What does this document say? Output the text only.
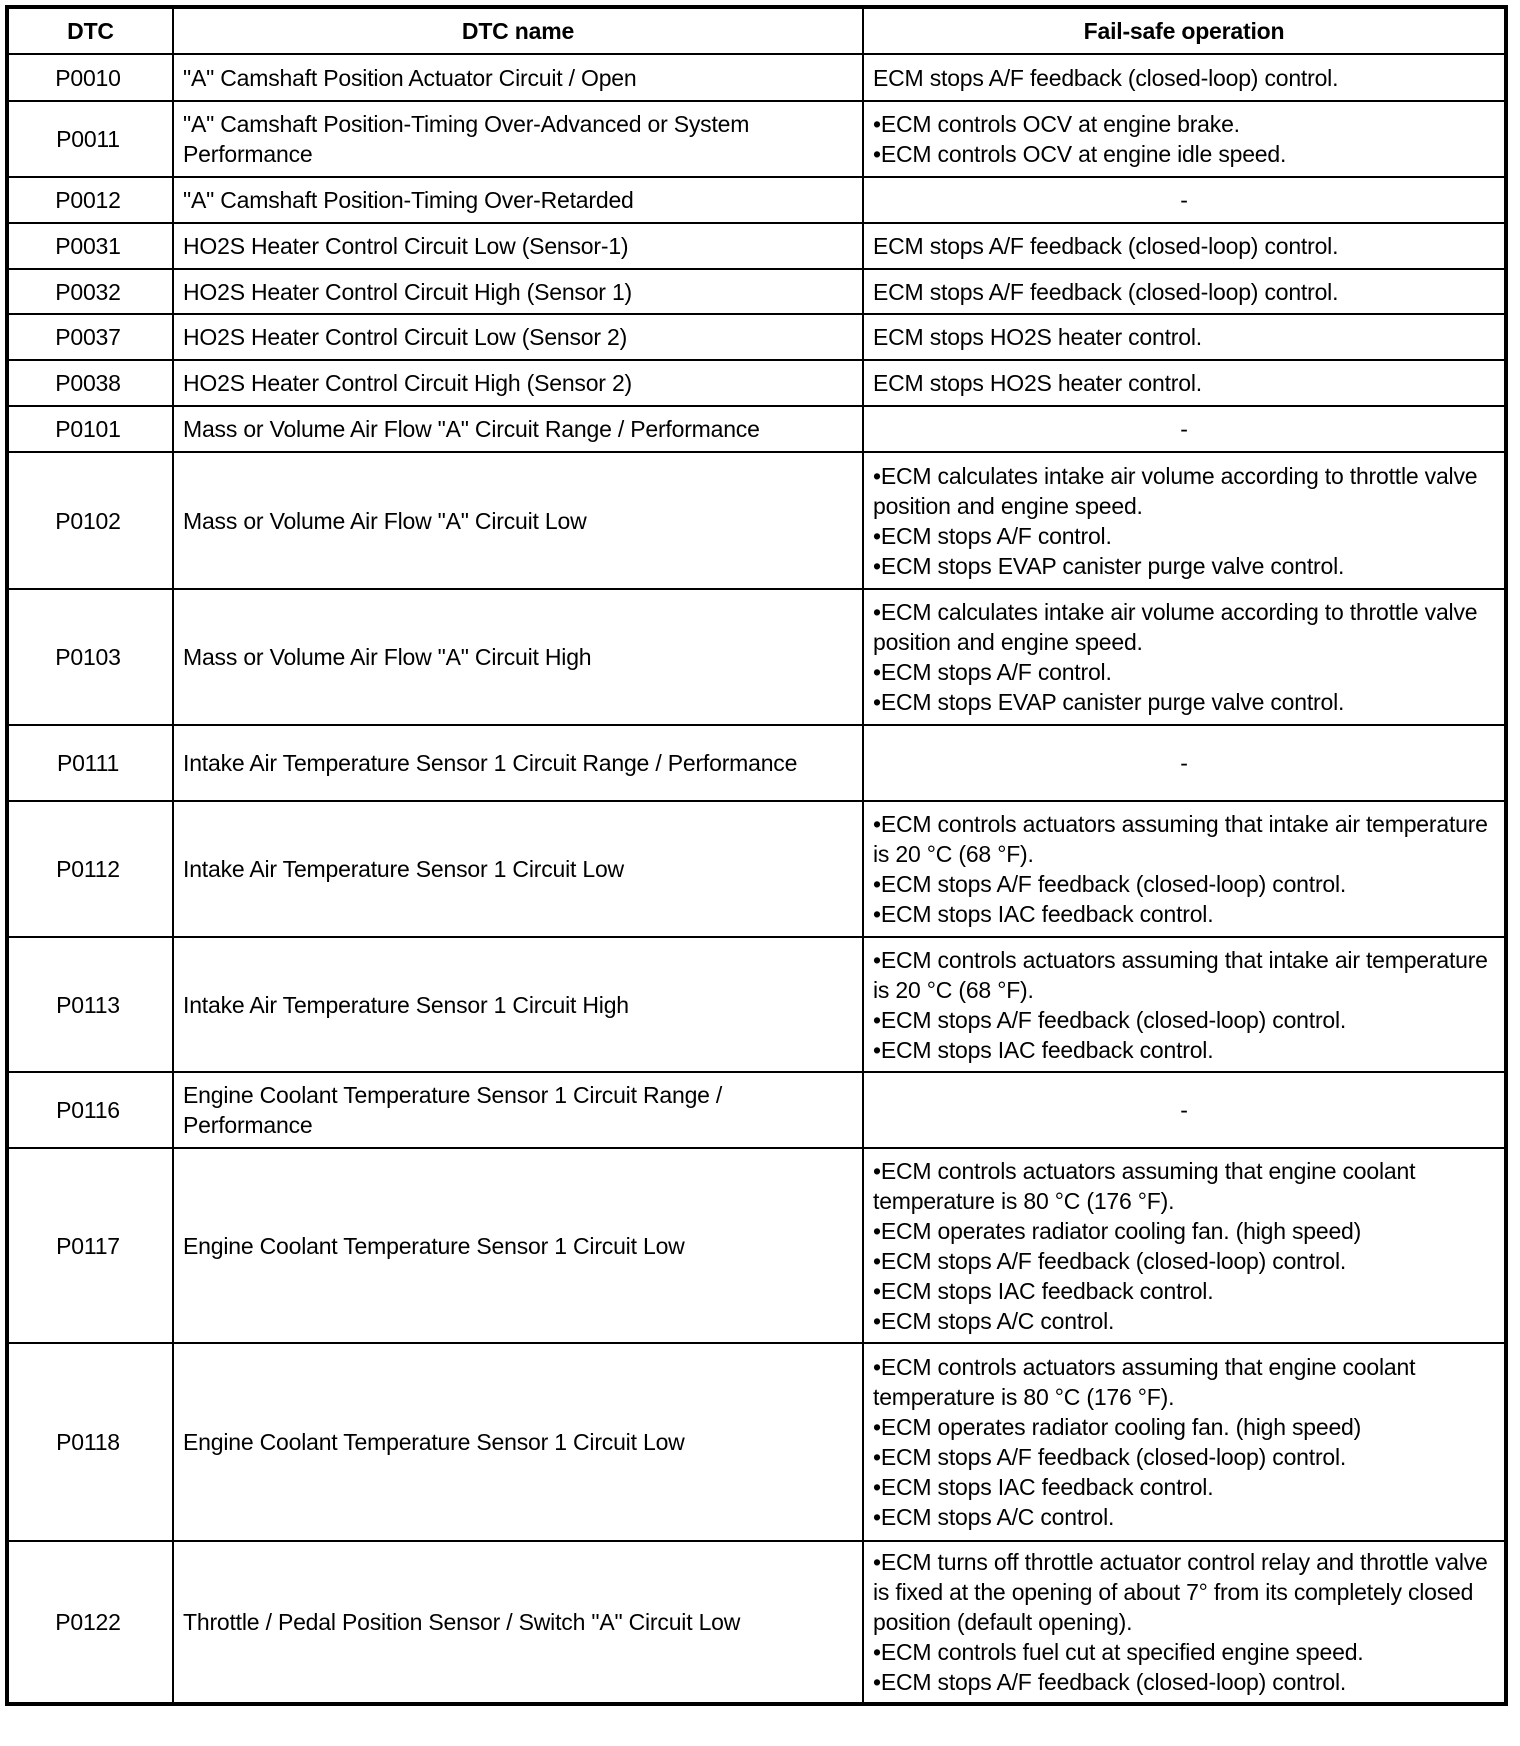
DTC	DTC name	Fail-safe operation
P0010	"A" Camshaft Position Actuator Circuit / Open	ECM stops A/F feedback (closed-loop) control.

P0011	"A" Camshaft Position-Timing Over-Advanced or System Performance	•ECM controls OCV at engine brake.
•ECM controls OCV at engine idle speed.

P0012	"A" Camshaft Position-Timing Over-Retarded	-

P0031	HO2S Heater Control Circuit Low (Sensor-1)	ECM stops A/F feedback (closed-loop) control.

P0032	HO2S Heater Control Circuit High (Sensor 1)	ECM stops A/F feedback (closed-loop) control.

P0037	HO2S Heater Control Circuit Low (Sensor 2)	ECM stops HO2S heater control.

P0038	HO2S Heater Control Circuit High (Sensor 2)	ECM stops HO2S heater control.

P0101	Mass or Volume Air Flow "A" Circuit Range / Performance	-

P0102	Mass or Volume Air Flow "A" Circuit Low	•ECM calculates intake air volume according to throttle valve position and engine speed.
•ECM stops A/F control.
•ECM stops EVAP canister purge valve control.

P0103	Mass or Volume Air Flow "A" Circuit High	•ECM calculates intake air volume according to throttle valve position and engine speed.
•ECM stops A/F control.
•ECM stops EVAP canister purge valve control.

P0111	Intake Air Temperature Sensor 1 Circuit Range / Performance	-

P0112	Intake Air Temperature Sensor 1 Circuit Low	•ECM controls actuators assuming that intake air temperature is 20 °C (68 °F).
•ECM stops A/F feedback (closed-loop) control.
•ECM stops IAC feedback control.

P0113	Intake Air Temperature Sensor 1 Circuit High	•ECM controls actuators assuming that intake air temperature is 20 °C (68 °F).
•ECM stops A/F feedback (closed-loop) control.
•ECM stops IAC feedback control.

P0116	Engine Coolant Temperature Sensor 1 Circuit Range / Performance	-

P0117	Engine Coolant Temperature Sensor 1 Circuit Low	•ECM controls actuators assuming that engine coolant temperature is 80 °C (176 °F).
•ECM operates radiator cooling fan. (high speed)
•ECM stops A/F feedback (closed-loop) control.
•ECM stops IAC feedback control.
•ECM stops A/C control.

P0118	Engine Coolant Temperature Sensor 1 Circuit Low	•ECM controls actuators assuming that engine coolant temperature is 80 °C (176 °F).
•ECM operates radiator cooling fan. (high speed)
•ECM stops A/F feedback (closed-loop) control.
•ECM stops IAC feedback control.
•ECM stops A/C control.

P0122	Throttle / Pedal Position Sensor / Switch "A" Circuit Low	•ECM turns off throttle actuator control relay and throttle valve is fixed at the opening of about 7° from its completely closed position (default opening).
•ECM controls fuel cut at specified engine speed.
•ECM stops A/F feedback (closed-loop) control.
